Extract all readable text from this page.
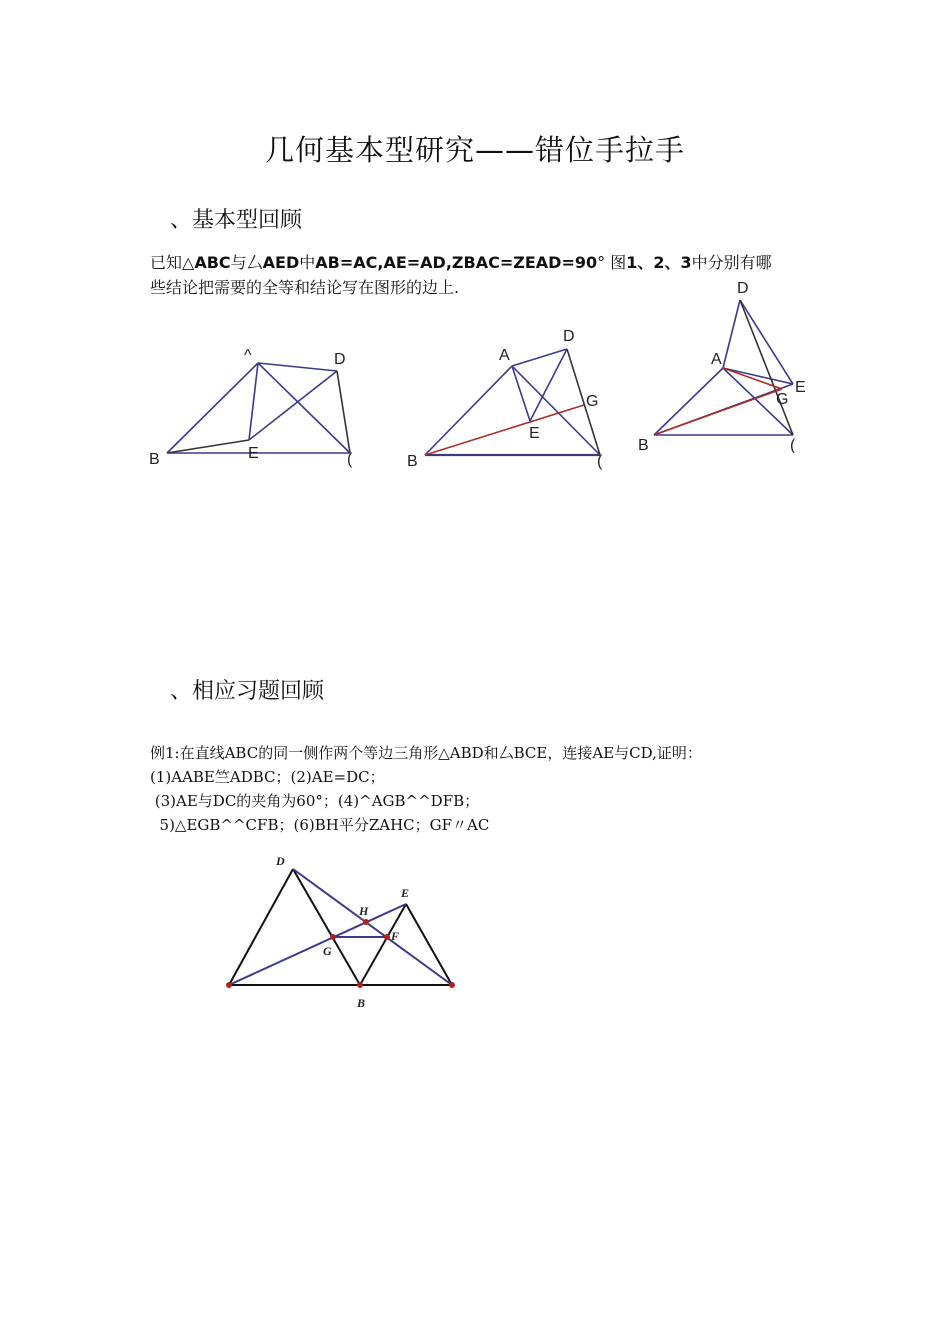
几何基本型研究——错位手拉手
、基本型回顾
已知△ABC与厶AED中AB=AC,AE=AD,ZBAC=ZEAD=90° 图1、2、3中分别有哪
些结论把需要的全等和结论写在图形的边上.
^	D
B	E	(
A
D
G
E
B	(
D
A
E
G
B	(
、相应习题回顾
例1:在直线ABC的同一侧作两个等边三角形△ABD和厶BCE，连接AE与CD,证明：
(1)AABE竺ADBC；(2)AE=DC；
(3)AE与DC的夹角为60°；(4)^AGB^^DFB；
5)△EGB^^CFB；(6)BH平分ZAHC；GF〃AC
D
E
H
F
G
B
